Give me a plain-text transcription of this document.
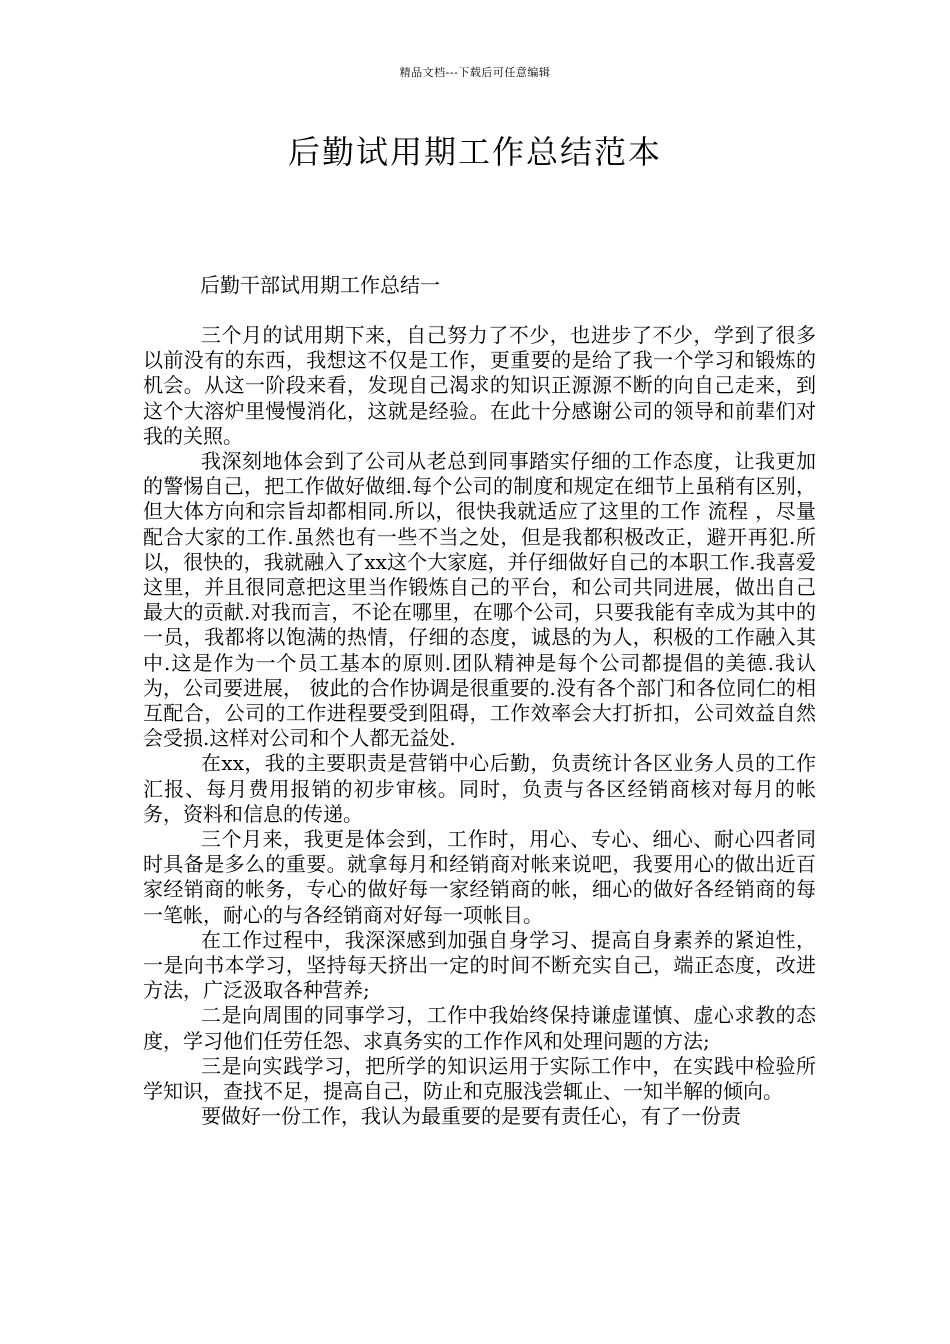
精品文档---下载后可任意编辑
后勤试用期工作总结范本
后勤干部试用期工作总结一

三个月的试用期下来，自己努力了不少，也进步了不少，学到了很多以前没有的东西，我想这不仅是工作，更重要的是给了我一个学习和锻炼的机会。从这一阶段来看，发现自己渴求的知识正源源不断的向自己走来，到这个大溶炉里慢慢消化，这就是经验。在此十分感谢公司的领导和前辈们对我的关照。

我深刻地体会到了公司从老总到同事踏实仔细的工作态度，让我更加的警惕自己，把工作做好做细.每个公司的制度和规定在细节上虽稍有区别，但大体方向和宗旨却都相同.所以，很快我就适应了这里的工作 流程 ，尽量配合大家的工作.虽然也有一些不当之处，但是我都积极改正，避开再犯.所以，很快的，我就融入了xx这个大家庭，并仔细做好自己的本职工作.我喜爱这里，并且很同意把这里当作锻炼自己的平台，和公司共同进展，做出自己最大的贡献.对我而言，不论在哪里，在哪个公司，只要我能有幸成为其中的一员，我都将以饱满的热情，仔细的态度，诚恳的为人，积极的工作融入其中.这是作为一个员工基本的原则.团队精神是每个公司都提倡的美德.我认为，公司要进展， 彼此的合作协调是很重要的.没有各个部门和各位同仁的相互配合，公司的工作进程要受到阻碍，工作效率会大打折扣，公司效益自然会受损.这样对公司和个人都无益处.

在xx，我的主要职责是营销中心后勤，负责统计各区业务人员的工作汇报、每月费用报销的初步审核。同时，负责与各区经销商核对每月的帐务，资料和信息的传递。

三个月来，我更是体会到，工作时，用心、专心、细心、耐心四者同时具备是多么的重要。就拿每月和经销商对帐来说吧，我要用心的做出近百家经销商的帐务，专心的做好每一家经销商的帐，细心的做好各经销商的每一笔帐，耐心的与各经销商对好每一项帐目。

在工作过程中，我深深感到加强自身学习、提高自身素养的紧迫性，一是向书本学习，坚持每天挤出一定的时间不断充实自己，端正态度，改进方法，广泛汲取各种营养;

二是向周围的同事学习，工作中我始终保持谦虚谨慎、虚心求教的态度，学习他们任劳任怨、求真务实的工作作风和处理问题的方法;

三是向实践学习，把所学的知识运用于实际工作中，在实践中检验所学知识，查找不足，提高自己，防止和克服浅尝辄止、一知半解的倾向。

要做好一份工作，我认为最重要的是要有责任心，有了一份责
